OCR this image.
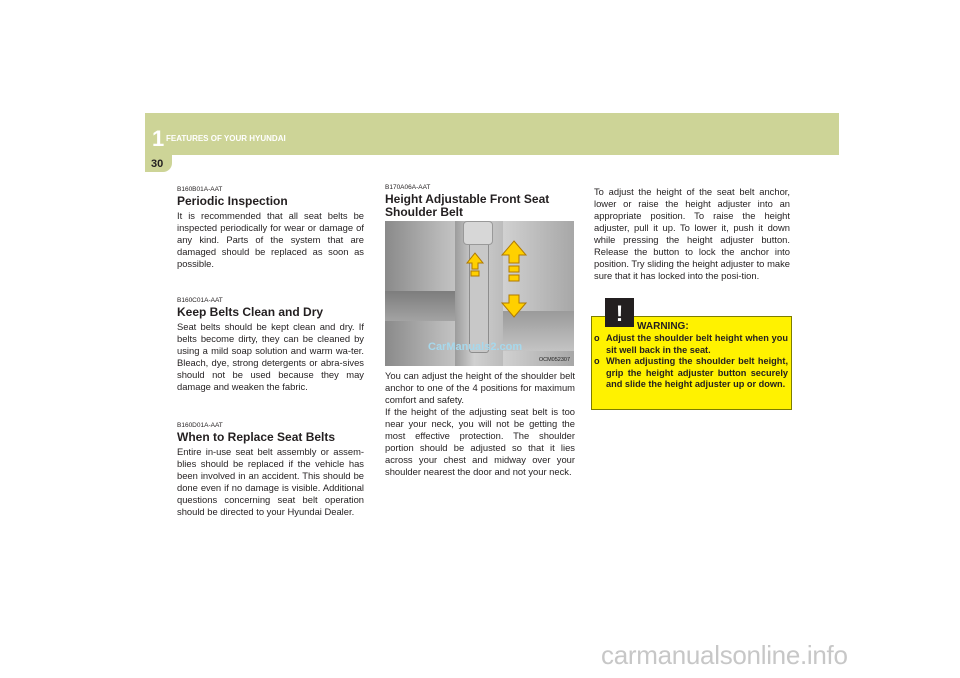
1 FEATURES OF YOUR HYUNDAI
30
B160B01A-AAT
Periodic Inspection
It is recommended that all seat belts be inspected periodically for wear or damage of any kind. Parts of the system that are damaged should be replaced as soon as possible.
B160C01A-AAT
Keep Belts Clean and Dry
Seat belts should be kept clean and dry. If belts become dirty, they can be cleaned by using a mild soap solution and warm wa-ter. Bleach, dye, strong detergents or abra-sives should not be used because they may damage and weaken the fabric.
B160D01A-AAT
When to Replace Seat Belts
Entire in-use seat belt assembly or assem-blies should be replaced if the vehicle has been involved in an accident. This should be done even if no damage is visible. Additional questions concerning seat belt operation should be directed to your Hyundai Dealer.
B170A06A-AAT
Height Adjustable Front Seat Shoulder Belt
OCM052307
CarManuals2.com
You can adjust the height of the shoulder belt anchor to one of the 4 positions for maximum comfort and safety.
If the height of the adjusting seat belt is too near your neck, you will not be getting the most effective protection. The shoulder portion should be adjusted so that it lies across your chest and midway over your shoulder nearest the door and not your neck.
To adjust the height of the seat belt anchor, lower or raise the height adjuster into an appropriate position. To raise the height adjuster, pull it up. To lower it, push it down while pressing the height adjuster button. Release the button to lock the anchor into position. Try sliding the height adjuster to make sure that it has locked into the posi-tion.
!
WARNING:
o Adjust the shoulder belt height when you sit well back in the seat.
o When adjusting the shoulder belt height, grip the height adjuster button securely and slide the height adjuster up or down.
carmanualsonline.info
